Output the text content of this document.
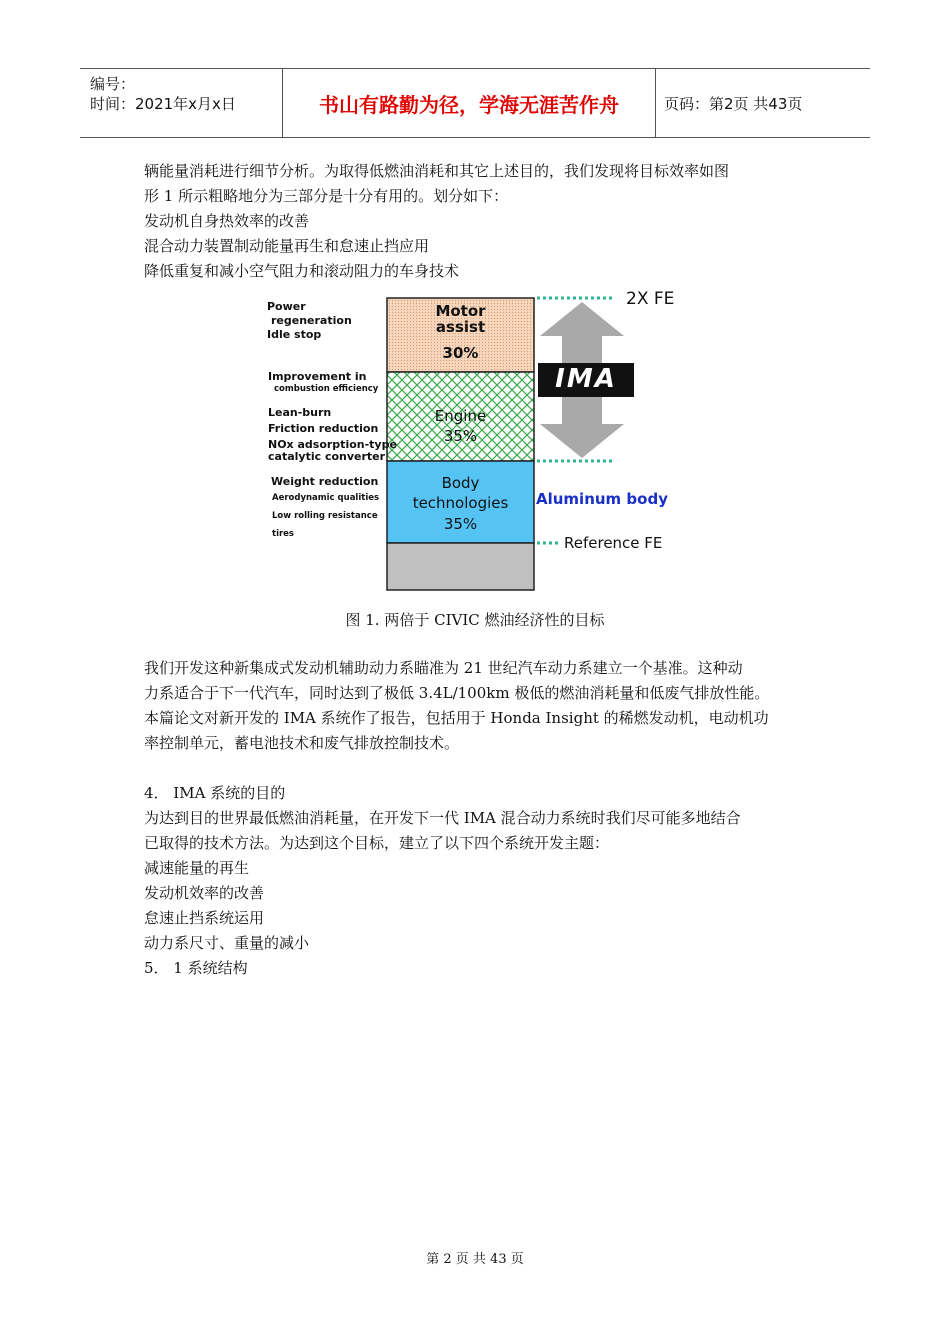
编号：
时间：2021年x月x日	书山有路勤为径，学海无涯苦作舟	页码：第2页 共43页
辆能量消耗进行细节分析。为取得低燃油消耗和其它上述目的，我们发现将目标效率如图
形 1 所示粗略地分为三部分是十分有用的。划分如下：
发动机自身热效率的改善
混合动力装置制动能量再生和怠速止挡应用
降低重复和减小空气阻力和滚动阻力的车身技术
Motor
assist
30%
Engine
35%
Body
technologies
35%
Power
regeneration
Idle stop
Improvement in
combustion efficiency
Lean-burn
Friction reduction
NOx adsorption-type
catalytic converter
Weight reduction
Aerodynamic qualities
Low rolling resistance
tires
2X FE
IMA
Aluminum body
Reference FE
图 1. 两倍于 CIVIC 燃油经济性的目标
我们开发这种新集成式发动机辅助动力系瞄准为 21 世纪汽车动力系建立一个基准。这种动
力系适合于下一代汽车，同时达到了极低 3.4L/100km 极低的燃油消耗量和低废气排放性能。
本篇论文对新开发的 IMA 系统作了报告，包括用于 Honda Insight 的稀燃发动机，电动机功
率控制单元，蓄电池技术和废气排放控制技术。
4． IMA 系统的目的
为达到目的世界最低燃油消耗量，在开发下一代 IMA 混合动力系统时我们尽可能多地结合
已取得的技术方法。为达到这个目标，建立了以下四个系统开发主题：
减速能量的再生
发动机效率的改善
怠速止挡系统运用
动力系尺寸、重量的减小
5． 1 系统结构
第 2 页 共 43 页
